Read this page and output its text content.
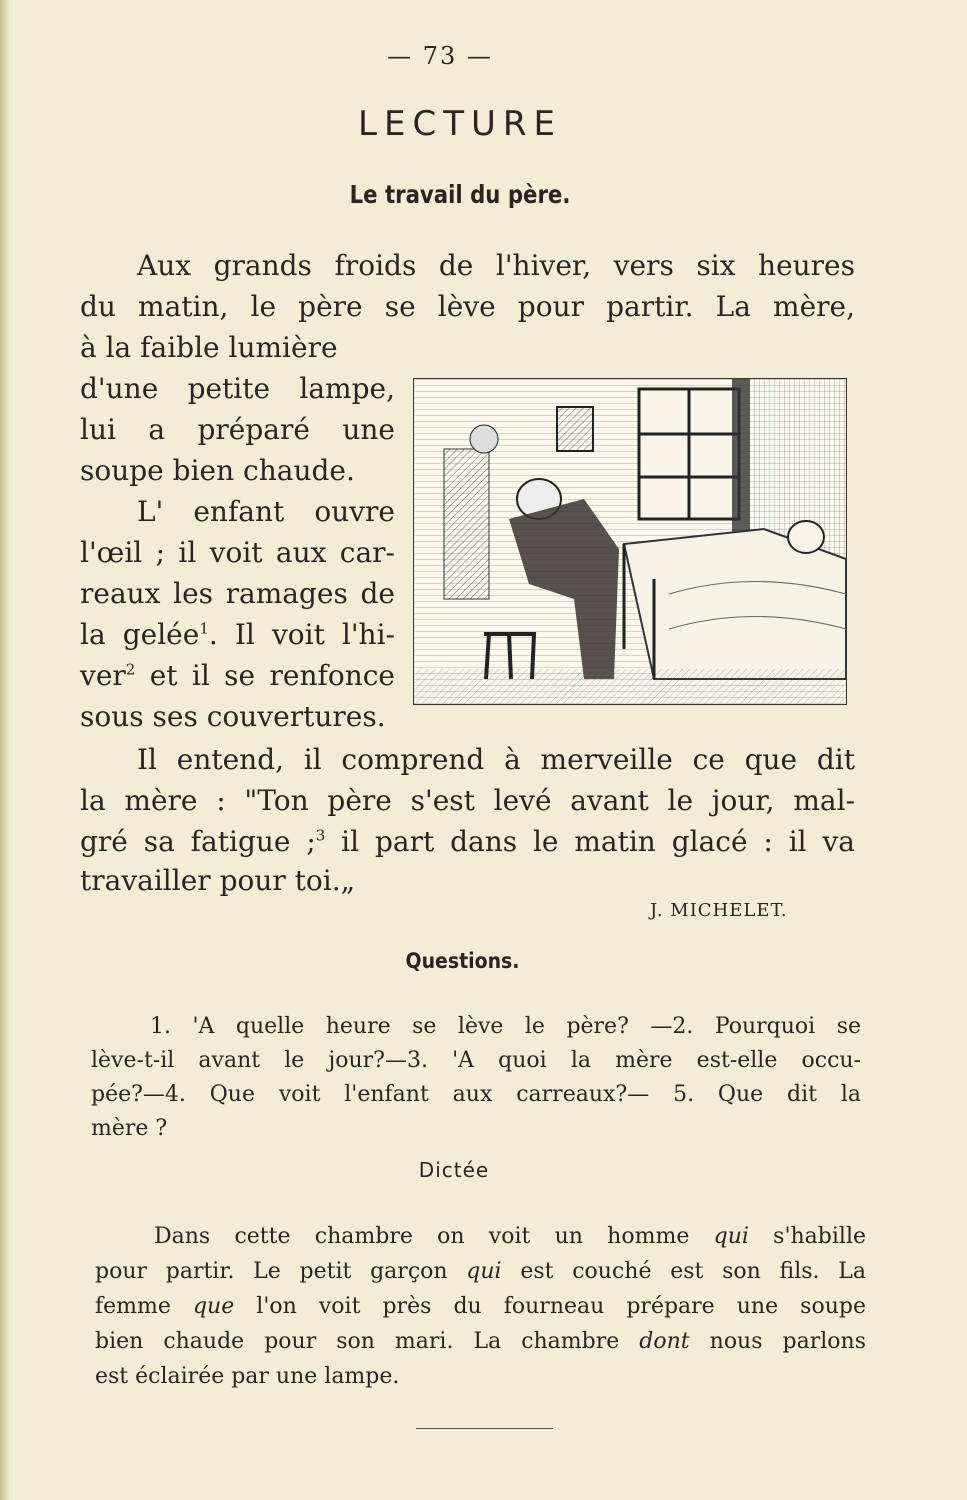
— 73 —
LECTURE
Le travail du père.
Aux grands froids de l'hiver, vers six heures
du matin, le père se lève pour partir. La mère,
à la faible lumière
d'une petite lampe,
lui a préparé une
soupe bien chaude.
L' enfant ouvre
l'œil ; il voit aux car-
reaux les ramages de
la gelée$^1$. Il voit l'hi-
ver$^2$ et il se renfonce
sous ses couvertures.
Il entend, il comprend à merveille ce que dit
la mère : "Ton père s'est levé avant le jour, mal-
gré sa fatigue ;$^3$ il part dans le matin glacé : il va
travailler pour toi.„
J. MICHELET.
Questions.
1. 'A quelle heure se lève le père? —2. Pourquoi se
lève-t-il avant le jour?—3. 'A quoi la mère est-elle occu-
pée?—4. Que voit l'enfant aux carreaux?— 5. Que dit la
mère ?
Dictée
Dans cette chambre on voit un homme qui s'habille
pour partir. Le petit garçon qui est couché est son fils. La
femme que l'on voit près du fourneau prépare une soupe
bien chaude pour son mari. La chambre dont nous parlons
est éclairée par une lampe.
